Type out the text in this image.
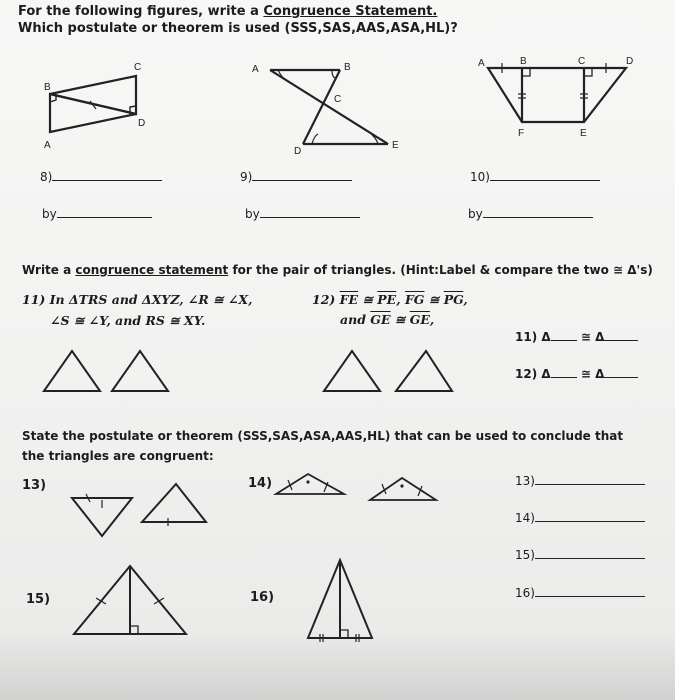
For the following figures, write a Congruence Statement.
Which postulate or theorem is used (SSS,SAS,AAS,ASA,HL)?
B
C
D
A
A	B
C
D
E
A	B	C	D
F	E
8)
by
9)
by
10)
by
Write a congruence statement for the pair of triangles. (Hint:Label & compare the two ≅ Δ's)
11) In ΔTRS and ΔXYZ, ∠R ≅ ∠X,
∠S ≅ ∠Y, and RS ≅ XY.
12) $\overline{FE}$ ≅ $\overline{PE}$, $\overline{FG}$ ≅ $\overline{PG}$,
and $\overline{GE}$ ≅ $\overline{GE}$,
11) Δ	≅ Δ
12) Δ	≅ Δ
State the postulate or theorem (SSS,SAS,ASA,AAS,HL) that can be used to conclude that
the triangles are congruent:
13)	14)
15)	16)
13)
14)
15)
16)
